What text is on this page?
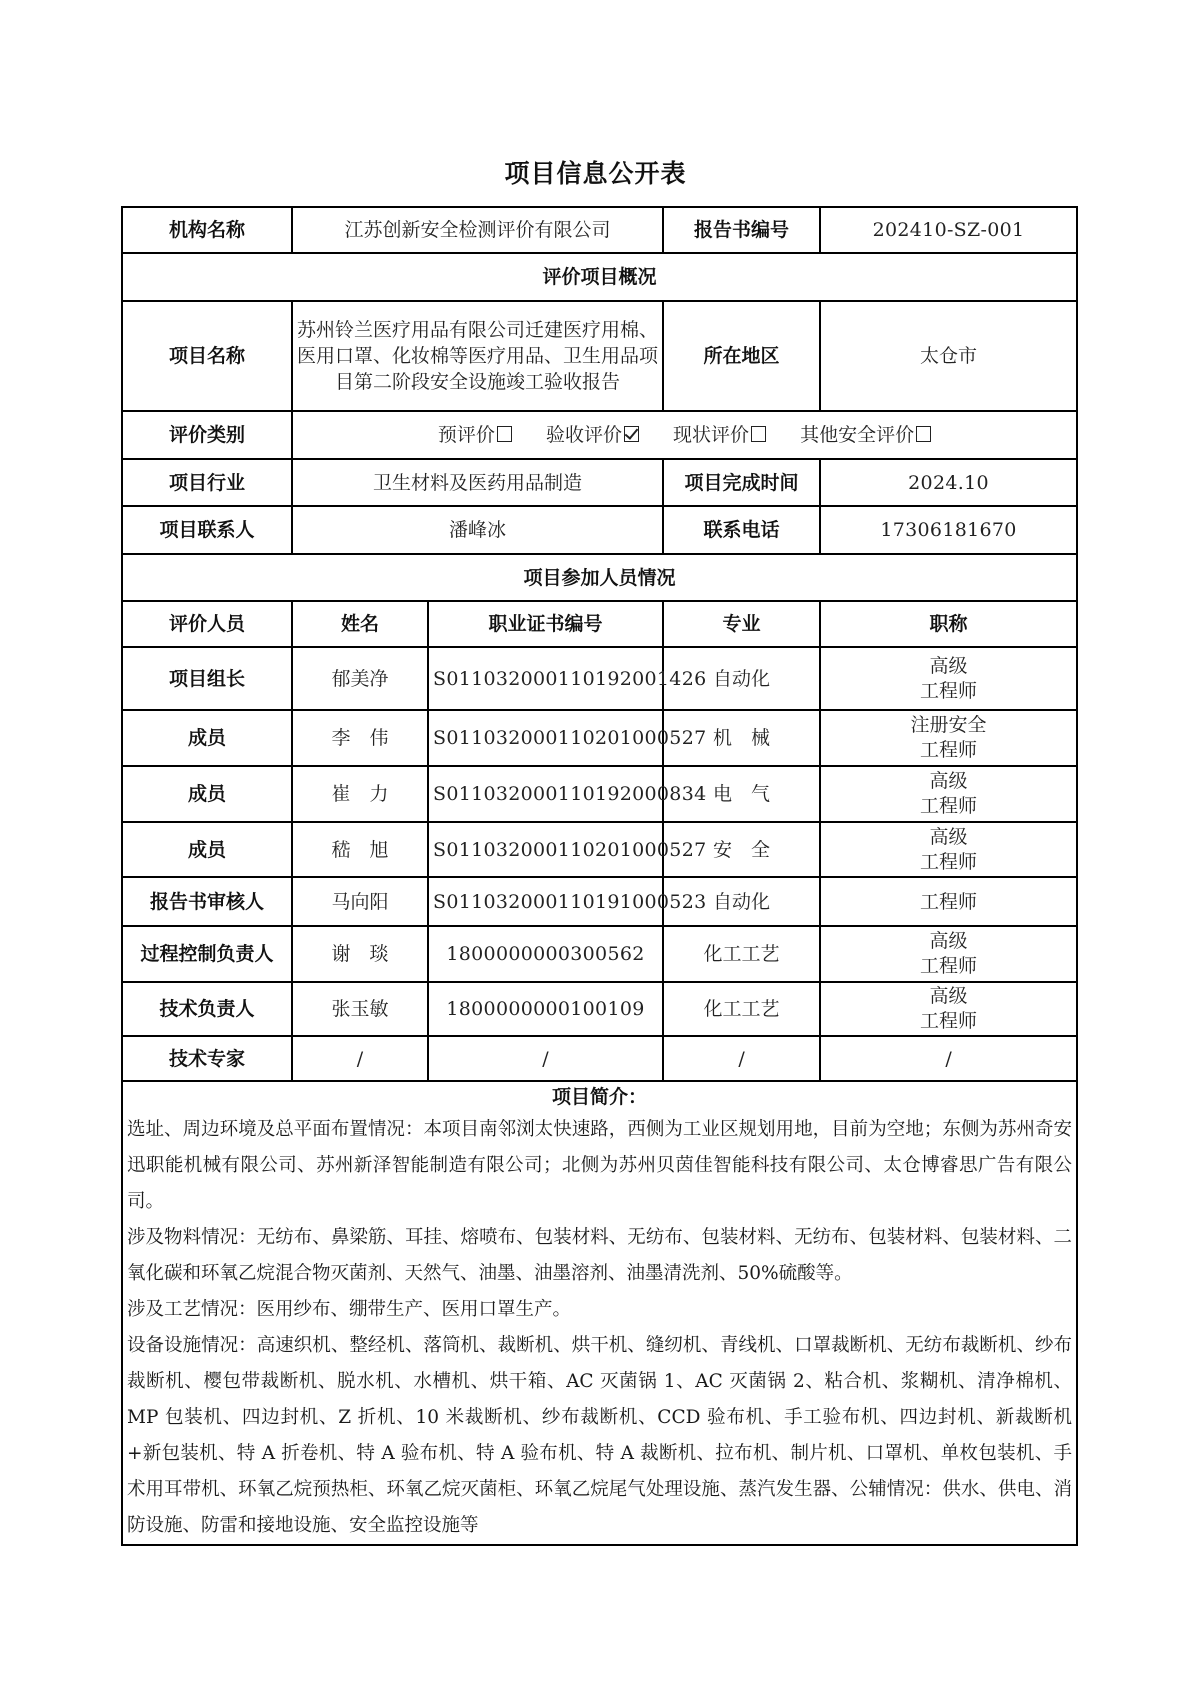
项目信息公开表
机构名称	江苏创新安全检测评价有限公司		报告书编号	202410-SZ-001
评价项目概况				
项目名称	苏州铃兰医疗用品有限公司迁建医疗用棉、医用口罩、化妆棉等医疗用品、卫生用品项目第二阶段安全设施竣工验收报告		所在地区	太仓市
评价类别	预评价 验收评价 现状评价 其他安全评价			
项目行业	卫生材料及医药用品制造		项目完成时间	2024.10
项目联系人	潘峰冰		联系电话	17306181670
项目参加人员情况				
评价人员	姓名	职业证书编号	专业	职称
项目组长	郁美净	S011032000110192001426	自动化	高级
工程师

成员	李　伟	S011032000110201000527	机　械	注册安全
工程师

成员	崔　力	S011032000110192000834	电　气	高级
工程师

成员	嵇　旭	S011032000110201000527	安　全	高级
工程师

报告书审核人	马向阳	S011032000110191000523	自动化	工程师
过程控制负责人	谢　琰	1800000000300562	化工工艺	高级
工程师

技术负责人	张玉敏	1800000000100109	化工工艺	高级
工程师

技术专家	/	/	/	/

项目简介：

选址、周边环境及总平面布置情况：本项目南邻浏太快速路，西侧为工业区规划用地，目前为空地；东侧为苏州奇安迅职能机械有限公司、苏州新泽智能制造有限公司；北侧为苏州贝茵佳智能科技有限公司、太仓博睿思广告有限公司。

涉及物料情况：无纺布、鼻梁筋、耳挂、熔喷布、包装材料、无纺布、包装材料、无纺布、包装材料、包装材料、二氧化碳和环氧乙烷混合物灭菌剂、天然气、油墨、油墨溶剂、油墨清洗剂、50%硫酸等。

涉及工艺情况：医用纱布、绷带生产、医用口罩生产。

设备设施情况：高速织机、整经机、落筒机、裁断机、烘干机、缝纫机、青线机、口罩裁断机、无纺布裁断机、纱布裁断机、樱包带裁断机、脱水机、水槽机、烘干箱、AC 灭菌锅 1、AC 灭菌锅 2、粘合机、浆糊机、清净棉机、MP 包装机、四边封机、Z 折机、10 米裁断机、纱布裁断机、CCD 验布机、手工验布机、四边封机、新裁断机+新包装机、特 A 折卷机、特 A 验布机、特 A 验布机、特 A 裁断机、拉布机、制片机、口罩机、单枚包装机、手术用耳带机、环氧乙烷预热柜、环氧乙烷灭菌柜、环氧乙烷尾气处理设施、蒸汽发生器、公辅情况：供水、供电、消防设施、防雷和接地设施、安全监控设施等				
